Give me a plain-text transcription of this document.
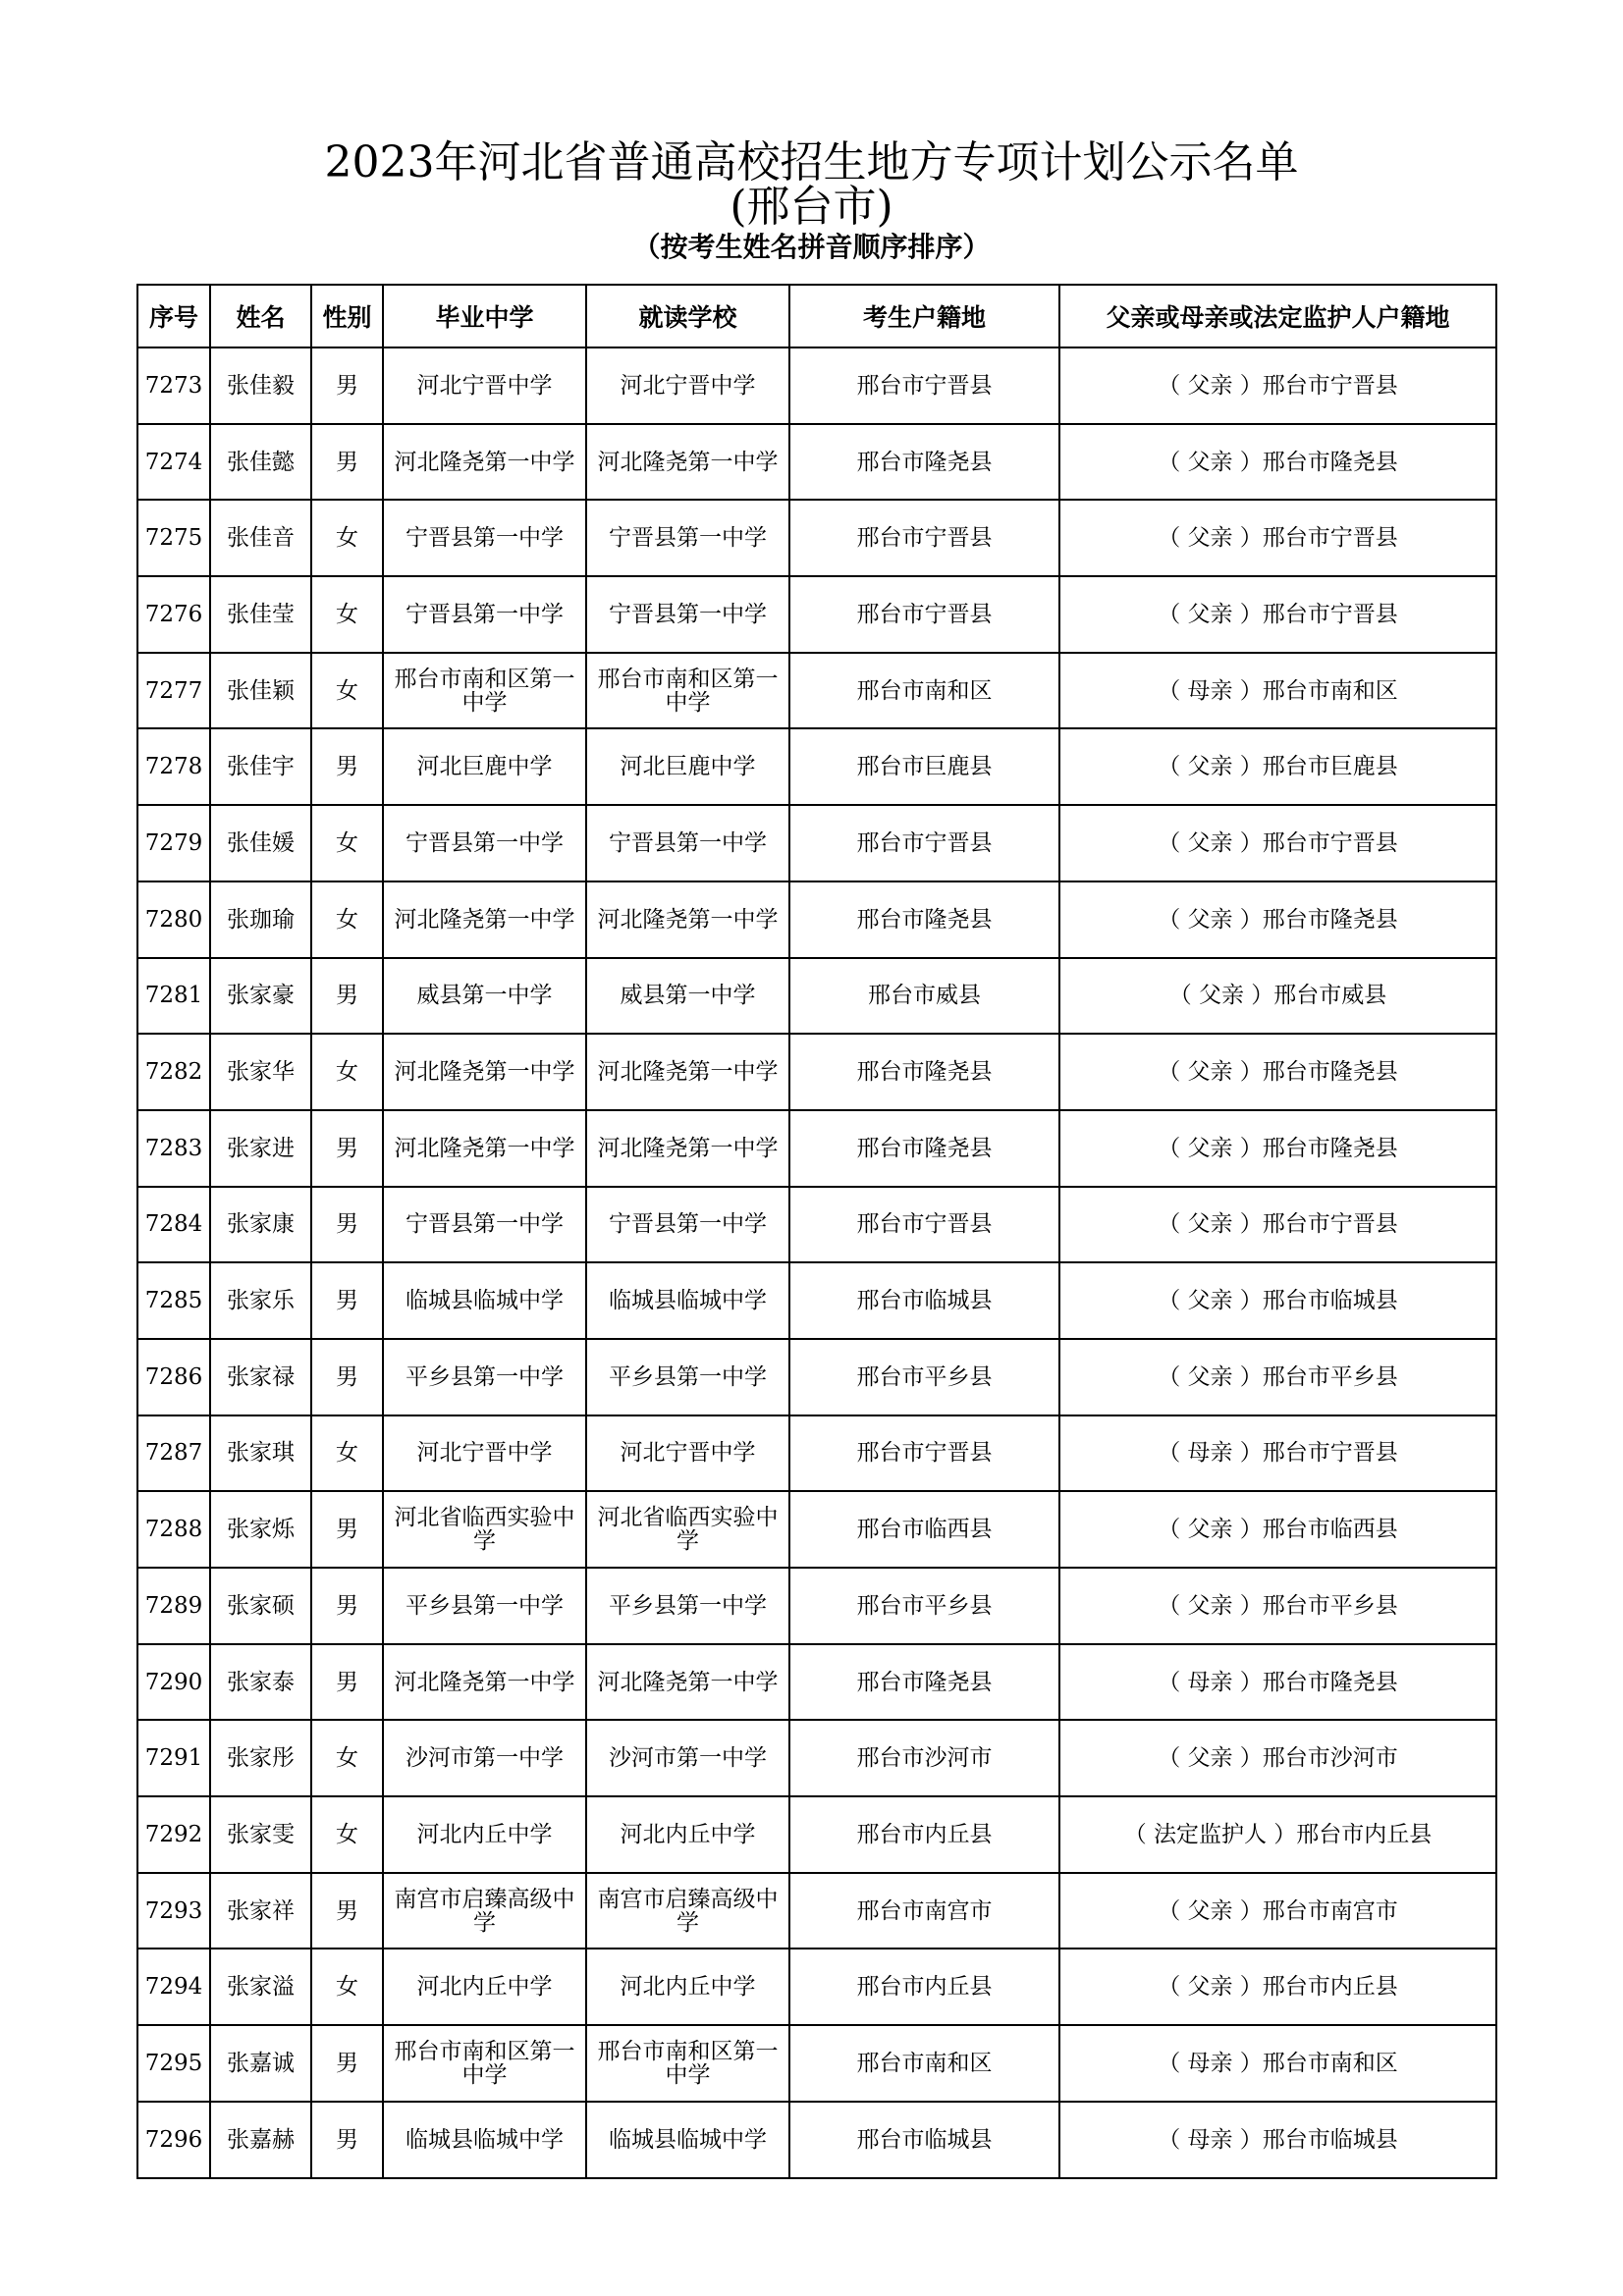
2023年河北省普通高校招生地方专项计划公示名单
(邢台市)
（按考生姓名拼音顺序排序）
序号	姓名	性别	毕业中学	就读学校	考生户籍地	父亲或母亲或法定监护人户籍地
7273	张佳毅	男	河北宁晋中学	河北宁晋中学	邢台市宁晋县	（ 父亲 ）邢台市宁晋县
7274	张佳懿	男	河北隆尧第一中学	河北隆尧第一中学	邢台市隆尧县	（ 父亲 ）邢台市隆尧县
7275	张佳音	女	宁晋县第一中学	宁晋县第一中学	邢台市宁晋县	（ 父亲 ）邢台市宁晋县
7276	张佳莹	女	宁晋县第一中学	宁晋县第一中学	邢台市宁晋县	（ 父亲 ）邢台市宁晋县
7277	张佳颖	女	邢台市南和区第一中学	邢台市南和区第一中学	邢台市南和区	（ 母亲 ）邢台市南和区
7278	张佳宇	男	河北巨鹿中学	河北巨鹿中学	邢台市巨鹿县	（ 父亲 ）邢台市巨鹿县
7279	张佳媛	女	宁晋县第一中学	宁晋县第一中学	邢台市宁晋县	（ 父亲 ）邢台市宁晋县
7280	张珈瑜	女	河北隆尧第一中学	河北隆尧第一中学	邢台市隆尧县	（ 父亲 ）邢台市隆尧县
7281	张家豪	男	威县第一中学	威县第一中学	邢台市威县	（ 父亲 ）邢台市威县
7282	张家华	女	河北隆尧第一中学	河北隆尧第一中学	邢台市隆尧县	（ 父亲 ）邢台市隆尧县
7283	张家进	男	河北隆尧第一中学	河北隆尧第一中学	邢台市隆尧县	（ 父亲 ）邢台市隆尧县
7284	张家康	男	宁晋县第一中学	宁晋县第一中学	邢台市宁晋县	（ 父亲 ）邢台市宁晋县
7285	张家乐	男	临城县临城中学	临城县临城中学	邢台市临城县	（ 父亲 ）邢台市临城县
7286	张家禄	男	平乡县第一中学	平乡县第一中学	邢台市平乡县	（ 父亲 ）邢台市平乡县
7287	张家琪	女	河北宁晋中学	河北宁晋中学	邢台市宁晋县	（ 母亲 ）邢台市宁晋县
7288	张家烁	男	河北省临西实验中学	河北省临西实验中学	邢台市临西县	（ 父亲 ）邢台市临西县
7289	张家硕	男	平乡县第一中学	平乡县第一中学	邢台市平乡县	（ 父亲 ）邢台市平乡县
7290	张家泰	男	河北隆尧第一中学	河北隆尧第一中学	邢台市隆尧县	（ 母亲 ）邢台市隆尧县
7291	张家彤	女	沙河市第一中学	沙河市第一中学	邢台市沙河市	（ 父亲 ）邢台市沙河市
7292	张家雯	女	河北内丘中学	河北内丘中学	邢台市内丘县	（ 法定监护人 ）邢台市内丘县
7293	张家祥	男	南宫市启臻高级中学	南宫市启臻高级中学	邢台市南宫市	（ 父亲 ）邢台市南宫市
7294	张家溢	女	河北内丘中学	河北内丘中学	邢台市内丘县	（ 父亲 ）邢台市内丘县
7295	张嘉诚	男	邢台市南和区第一中学	邢台市南和区第一中学	邢台市南和区	（ 母亲 ）邢台市南和区
7296	张嘉赫	男	临城县临城中学	临城县临城中学	邢台市临城县	（ 母亲 ）邢台市临城县
